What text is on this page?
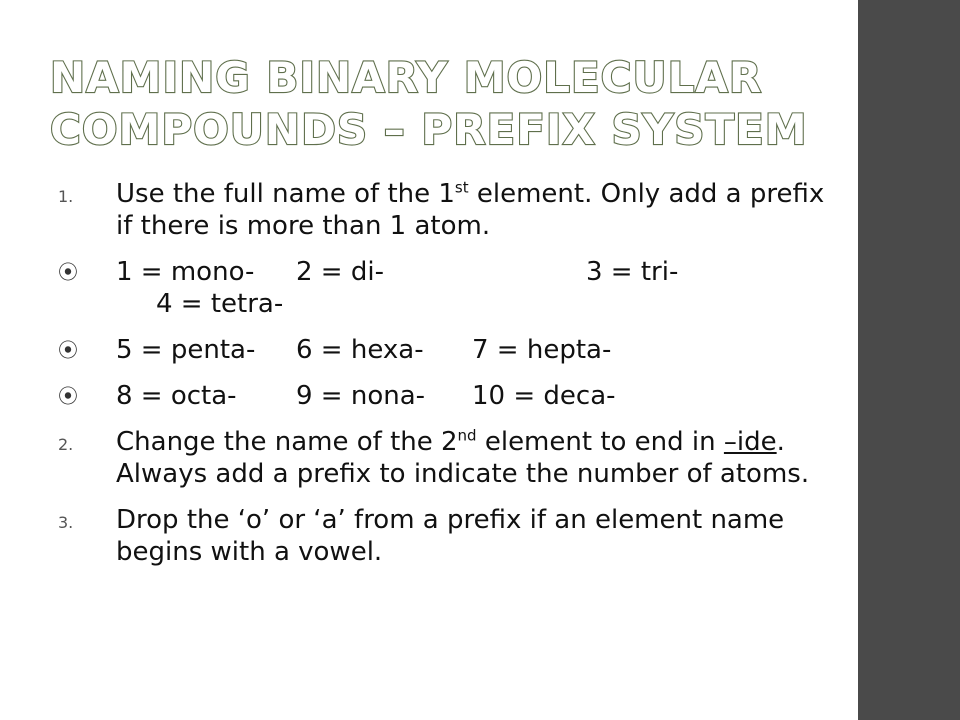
NAMING BINARY MOLECULAR
COMPOUNDS – PREFIX SYSTEM
1. Use the full name of the 1st element. Only add a prefix if there is more than 1 atom.
⦿ 1 = mono- 2 = di-	3 = tri-
4 = tetra-
⦿ 5 = penta- 6 = hexa- 7 = hepta-
⦿ 8 = octa- 9 = nona- 10 = deca-
2. Change the name of the 2nd element to end in –ide. Always add a prefix to indicate the number of atoms.
3. Drop the ‘o’ or ‘a’ from a prefix if an element name begins with a vowel.
